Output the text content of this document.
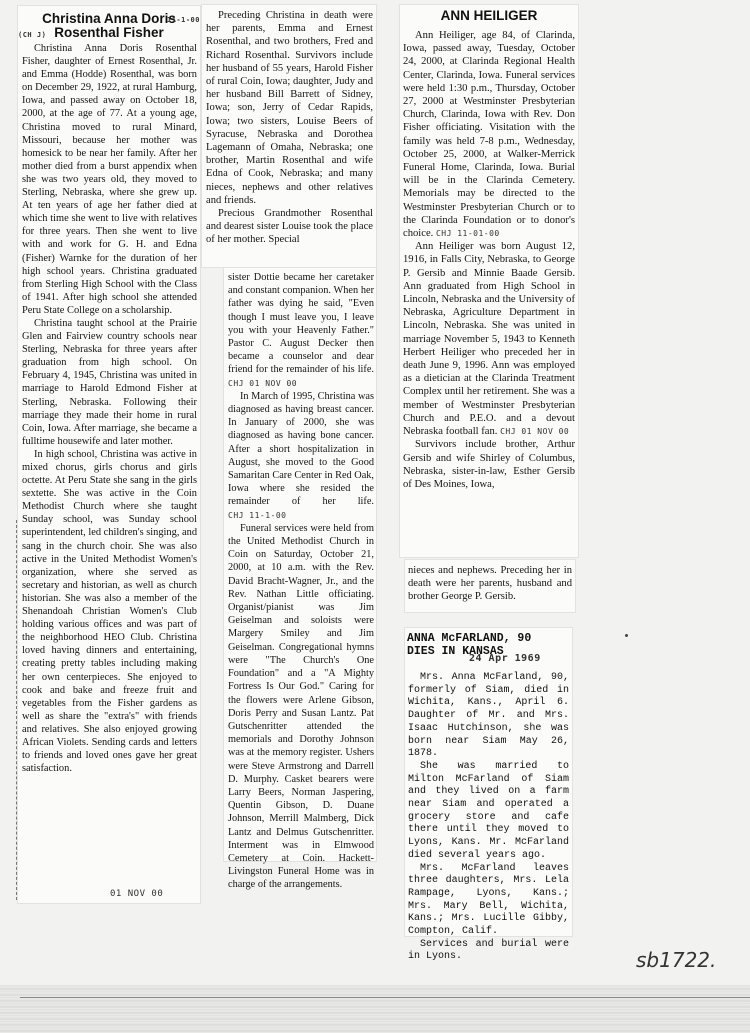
Christina Anna Doris
Rosenthal Fisher
11-1-00
(CH J)

Christina Anna Doris Rosenthal Fisher, daughter of Ernest Rosenthal, Jr. and Emma (Hodde) Rosenthal, was born on December 29, 1922, at rural Hamburg, Iowa, and passed away on October 18, 2000, at the age of 77. At a young age, Christina moved to rural Minard, Missouri, because her mother was homesick to be near her family. After her mother died from a burst appendix when she was two years old, they moved to Sterling, Nebraska, where she grew up. At ten years of age her father died at which time she went to live with relatives for three years. Then she went to live with and work for G. H. and Edna (Fisher) Warnke for the duration of her high school years. Christina graduated from Sterling High School with the Class of 1941. After high school she attended Peru State College on a scholarship.

Christina taught school at the Prairie Glen and Fairview country schools near Sterling, Nebraska for three years after graduation from high school. On February 4, 1945, Christina was united in marriage to Harold Edmond Fisher at Sterling, Nebraska. Following their marriage they made their home in rural Coin, Iowa. After marriage, she became a fulltime housewife and later mother.

In high school, Christina was active in mixed chorus, girls chorus and girls octette. At Peru State she sang in the girls sextette. She was active in the Coin Methodist Church where she taught Sunday school, was Sunday school superintendent, led children's singing, and sang in the church choir. She was also active in the United Methodist Women's organization, where she served as secretary and historian, as well as church historian. She was also a member of the Shenandoah Christian Women's Club holding various offices and was part of the neighborhood HEO Club. Christina loved having dinners and entertaining, creating pretty tables including making her own centerpieces. She enjoyed to cook and bake and freeze fruit and vegetables from the Fisher gardens as well as share the "extra's" with friends and relatives. She also enjoyed growing African Violets. Sending cards and letters to friends and loved ones gave her great satisfaction.

01 NOV 00

Preceding Christina in death were her parents, Emma and Ernest Rosenthal, and two brothers, Fred and Richard Rosenthal. Survivors include her husband of 55 years, Harold Fisher of rural Coin, Iowa; daughter, Judy and her husband Bill Barrett of Sidney, Iowa; son, Jerry of Cedar Rapids, Iowa; two sisters, Louise Beers of Syracuse, Nebraska and Dorothea Lagemann of Omaha, Nebraska; one brother, Martin Rosenthal and wife Edna of Cook, Nebraska; and many nieces, nephews and other relatives and friends.

Precious Grandmother Rosenthal and dearest sister Louise took the place of her mother. Special

sister Dottie became her caretaker and constant companion. When her father was dying he said, "Even though I must leave you, I leave you with your Heavenly Father." Pastor C. August Decker then became a counselor and dear friend for the remainder of his life. CHJ 01 NOV 00

In March of 1995, Christina was diagnosed as having breast cancer. In January of 2000, she was diagnosed as having bone cancer. After a short hospitalization in August, she moved to the Good Samaritan Care Center in Red Oak, Iowa where she resided the remainder of her life. CHJ 11-1-00

Funeral services were held from the United Methodist Church in Coin on Saturday, October 21, 2000, at 10 a.m. with the Rev. David Bracht-Wagner, Jr., and the Rev. Nathan Little officiating. Organist/pianist was Jim Geiselman and soloists were Margery Smiley and Jim Geiselman. Congregational hymns were "The Church's One Foundation" and a "A Mighty Fortress Is Our God." Caring for the flowers were Arlene Gibson, Doris Perry and Susan Lantz. Pat Gutschenritter attended the memorials and Dorothy Johnson was at the memory register. Ushers were Steve Armstrong and Darrell D. Murphy. Casket bearers were Larry Beers, Norman Jaspering, Quentin Gibson, D. Duane Johnson, Merrill Malmberg, Dick Lantz and Delmus Gutschenritter. Interment was in Elmwood Cemetery at Coin. Hackett-Livingston Funeral Home was in charge of the arrangements.

ANN HEILIGER

Ann Heiliger, age 84, of Clarinda, Iowa, passed away, Tuesday, October 24, 2000, at Clarinda Regional Health Center, Clarinda, Iowa. Funeral services were held 1:30 p.m., Thursday, October 27, 2000 at Westminster Presbyterian Church, Clarinda, Iowa with Rev. Don Fisher officiating. Visitation with the family was held 7-8 p.m., Wednesday, October 25, 2000, at Walker-Merrick Funeral Home, Clarinda, Iowa. Burial will be in the Clarinda Cemetery. Memorials may be directed to the Westminster Presbyterian Church or to the Clarinda Foundation or to donor's choice. CHJ 11-01-00

Ann Heiliger was born August 12, 1916, in Falls City, Nebraska, to George P. Gersib and Minnie Baade Gersib. Ann graduated from High School in Lincoln, Nebraska and the University of Nebraska, Agriculture Department in Lincoln, Nebraska. She was united in marriage November 5, 1943 to Kenneth Herbert Heiliger who preceded her in death June 9, 1996. Ann was employed as a dietician at the Clarinda Treatment Complex until her retirement. She was a member of Westminster Presbyterian Church and P.E.O. and a devout Nebraska football fan. CHJ 01 NOV 00

Survivors include brother, Arthur Gersib and wife Shirley of Columbus, Nebraska, sister-in-law, Esther Gersib of Des Moines, Iowa,

nieces and nephews. Preceding her in death were her parents, husband and brother George P. Gersib.

ANNA McFARLAND, 90
DIES IN KANSAS
24 Apr 1969

Mrs. Anna McFarland, 90, formerly of Siam, died in Wichita, Kans., April 6. Daughter of Mr. and Mrs. Isaac Hutchinson, she was born near Siam May 26, 1878.

She was married to Milton McFarland of Siam and they lived on a farm near Siam and operated a grocery store and cafe there until they moved to Lyons, Kans. Mr. McFarland died several years ago.

Mrs. McFarland leaves three daughters, Mrs. Lela Rampage, Lyons, Kans.; Mrs. Mary Bell, Wichita, Kans.; Mrs. Lucille Gibby, Compton, Calif.

Services and burial were in Lyons.	sb1722.
